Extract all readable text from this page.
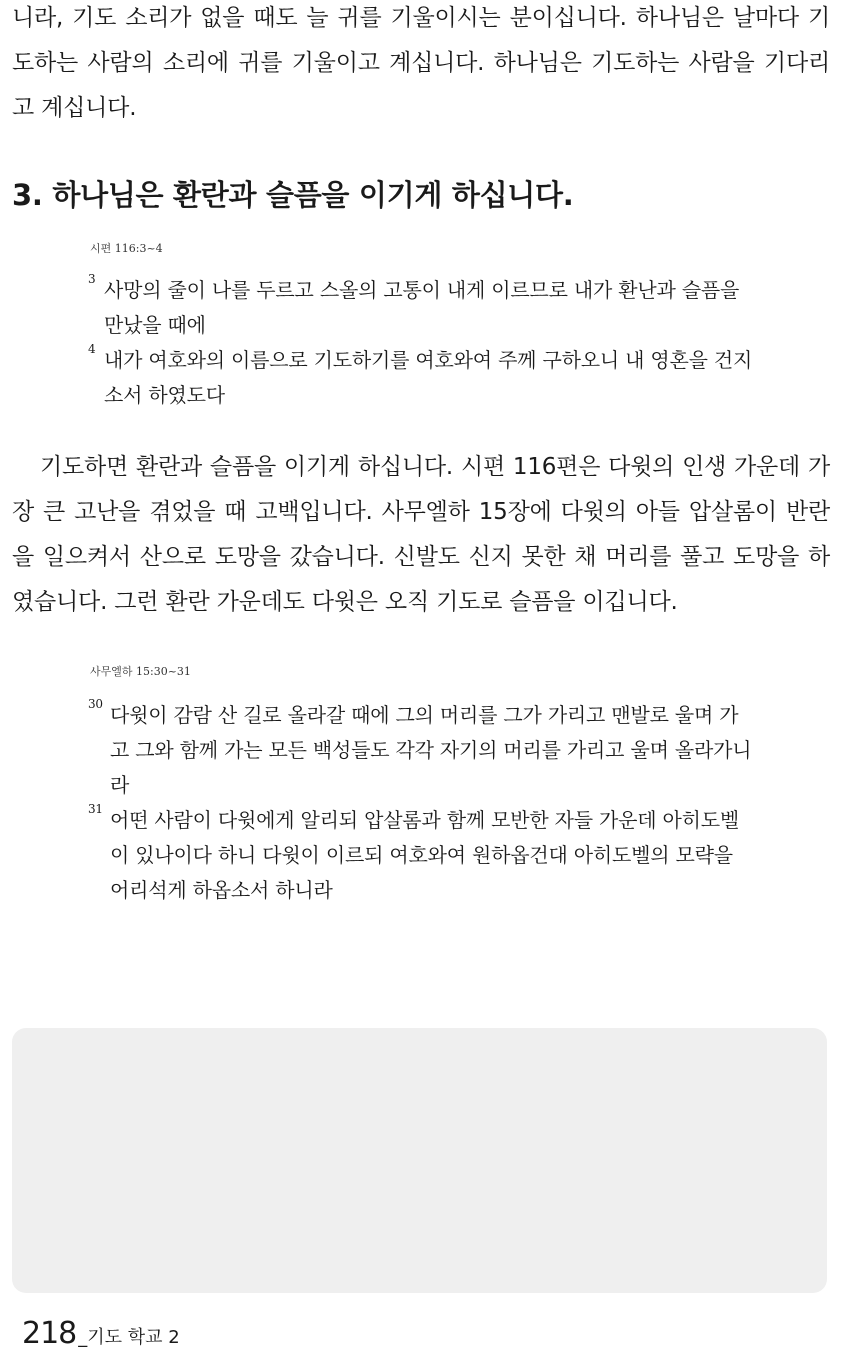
니라, 기도 소리가 없을 때도 늘 귀를 기울이시는 분이십니다. 하나님은 날마다 기도하는 사람의 소리에 귀를 기울이고 계십니다. 하나님은 기도하는 사람을 기다리고 계십니다.

3. 하나님은 환란과 슬픔을 이기게 하십니다.

시편 116:3~4

3 사망의 줄이 나를 두르고 스올의 고통이 내게 이르므로 내가 환난과 슬픔을 만났을 때에
4 내가 여호와의 이름으로 기도하기를 여호와여 주께 구하오니 내 영혼을 건지소서 하였도다

기도하면 환란과 슬픔을 이기게 하십니다. 시편 116편은 다윗의 인생 가운데 가장 큰 고난을 겪었을 때 고백입니다. 사무엘하 15장에 다윗의 아들 압살롬이 반란을 일으켜서 산으로 도망을 갔습니다. 신발도 신지 못한 채 머리를 풀고 도망을 하였습니다. 그런 환란 가운데도 다윗은 오직 기도로 슬픔을 이깁니다.

사무엘하 15:30~31

30 다윗이 감람 산 길로 올라갈 때에 그의 머리를 그가 가리고 맨발로 울며 가고 그와 함께 가는 모든 백성들도 각각 자기의 머리를 가리고 울며 올라가니라
31 어떤 사람이 다윗에게 알리되 압살롬과 함께 모반한 자들 가운데 아히도벨이 있나이다 하니 다윗이 이르되 여호와여 원하옵건대 아히도벨의 모략을 어리석게 하옵소서 하니라
218 _기도 학교 2
